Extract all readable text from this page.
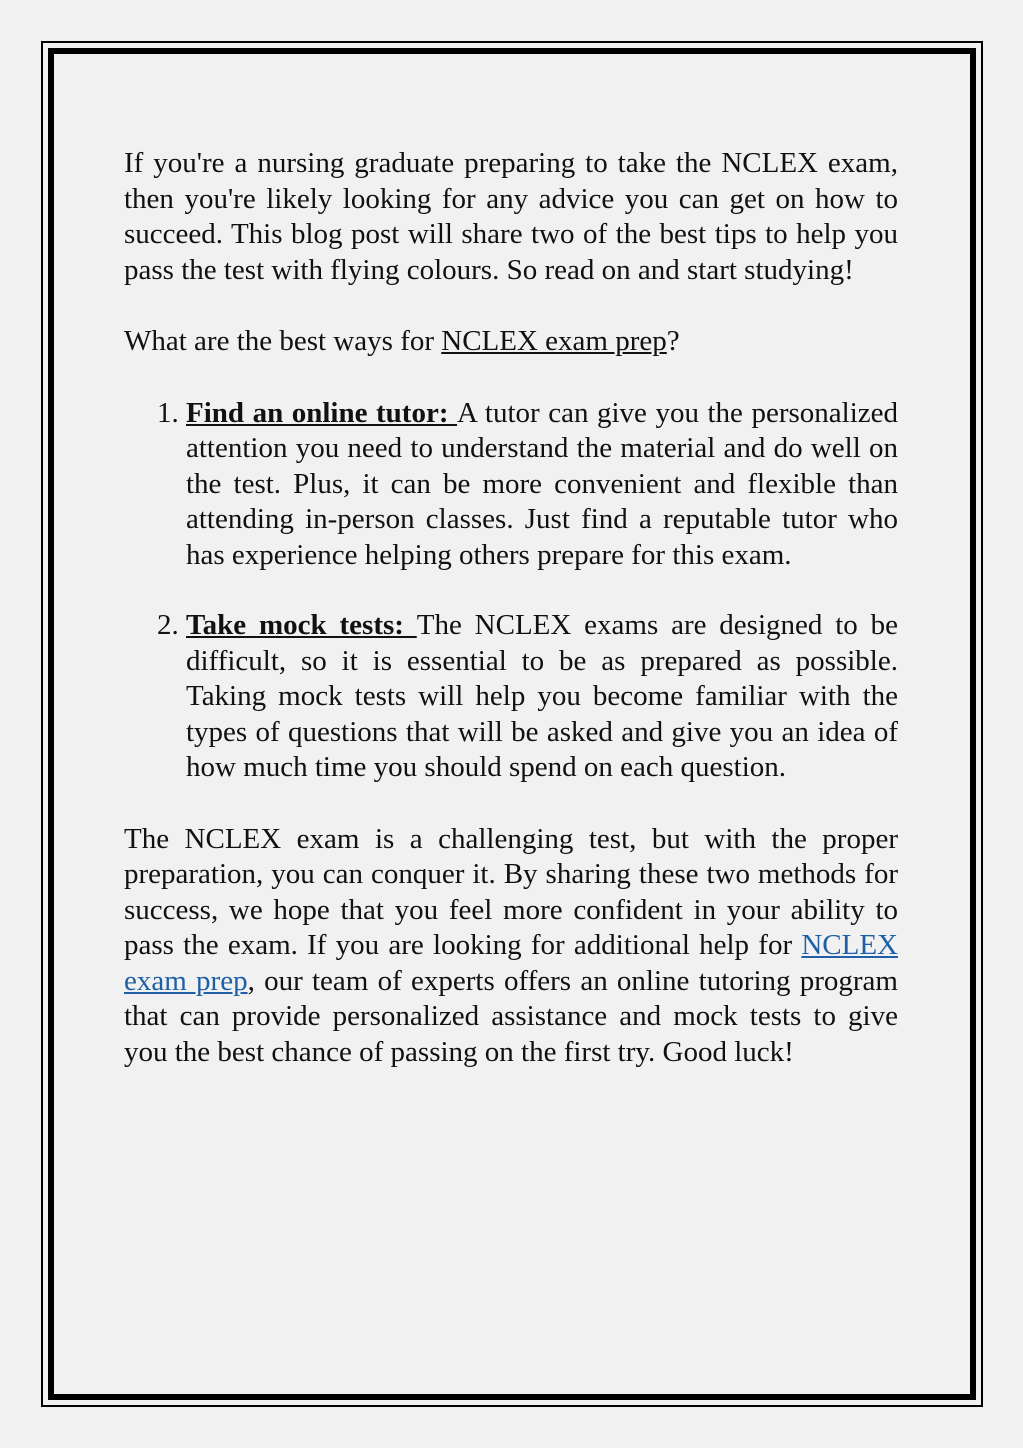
If you're a nursing graduate preparing to take the NCLEX exam, then you're likely looking for any advice you can get on how to succeed. This blog post will share two of the best tips to help you pass the test with flying colours. So read on and start studying!

What are the best ways for NCLEX exam prep?

1. Find an online tutor: A tutor can give you the personalized attention you need to understand the material and do well on the test. Plus, it can be more convenient and flexible than attending in-person classes. Just find a reputable tutor who has experience helping others prepare for this exam.
2. Take mock tests: The NCLEX exams are designed to be difficult, so it is essential to be as prepared as possible. Taking mock tests will help you become familiar with the types of questions that will be asked and give you an idea of how much time you should spend on each question.

The NCLEX exam is a challenging test, but with the proper preparation, you can conquer it. By sharing these two methods for success, we hope that you feel more confident in your ability to pass the exam. If you are looking for additional help for NCLEX exam prep, our team of experts offers an online tutoring program that can provide personalized assistance and mock tests to give you the best chance of passing on the first try. Good luck!
